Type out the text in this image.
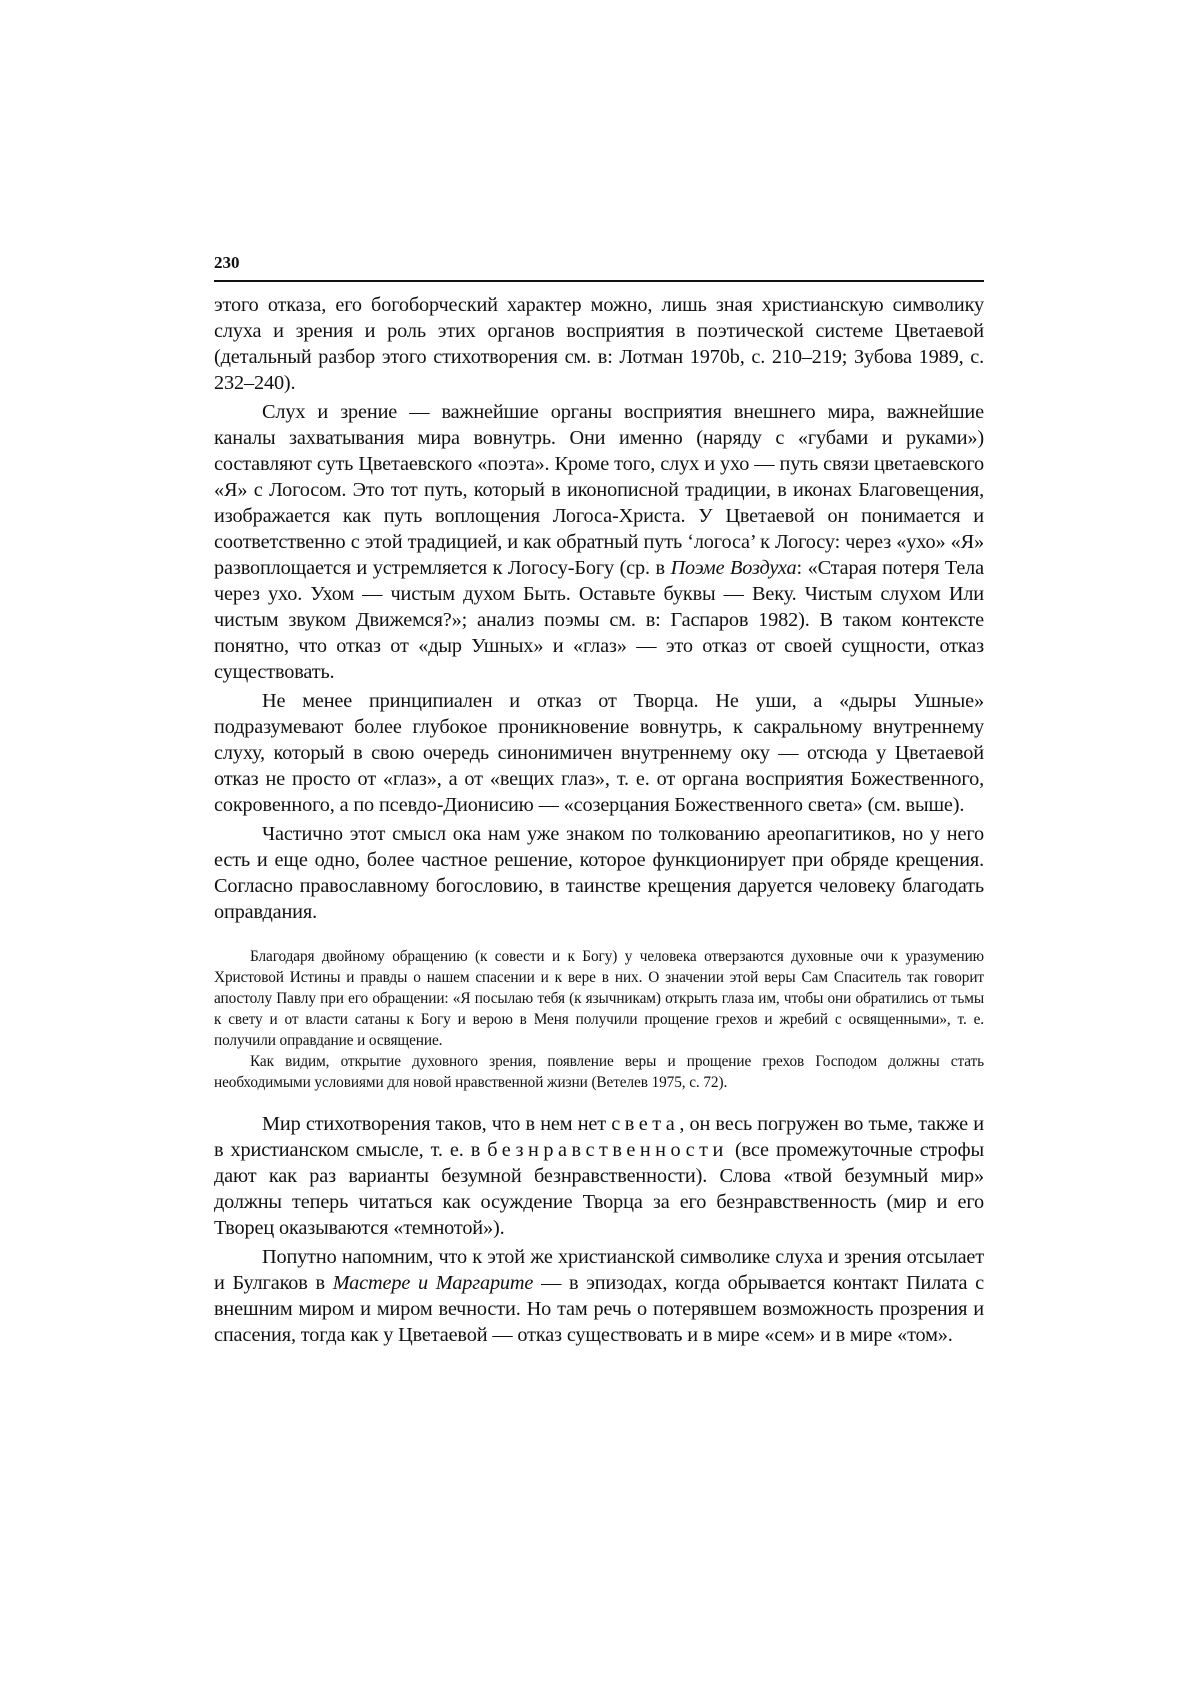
230

этого отказа, его богоборческий характер можно, лишь зная христианскую символику слуха и зрения и роль этих органов восприятия в поэтической системе Цветаевой (детальный разбор этого стихотворения см. в: Лотман 1970b, с. 210–219; Зубова 1989, с. 232–240).

Слух и зрение — важнейшие органы восприятия внешнего мира, важнейшие каналы захватывания мира вовнутрь. Они именно (наряду с «губами и руками») составляют суть Цветаевского «поэта». Кроме того, слух и ухо — путь связи цветаевского «Я» с Логосом. Это тот путь, который в иконописной традиции, в иконах Благовещения, изображается как путь воплощения Логоса-Христа. У Цветаевой он понимается и соответственно с этой традицией, и как обратный путь ‘логоса’ к Логосу: через «ухо» «Я» развоплощается и устремляется к Логосу-Богу (ср. в Поэме Воздуха: «Старая потеря Тела через ухо. Ухом — чистым духом Быть. Оставьте буквы — Веку. Чистым слухом Или чистым звуком Движемся?»; анализ поэмы см. в: Гаспаров 1982). В таком контексте понятно, что отказ от «дыр Ушных» и «глаз» — это отказ от своей сущности, отказ существовать.

Не менее принципиален и отказ от Творца. Не уши, а «дыры Ушные» подразумевают более глубокое проникновение вовнутрь, к сакральному внутреннему слуху, который в свою очередь синонимичен внутреннему оку — отсюда у Цветаевой отказ не просто от «глаз», а от «вещих глаз», т. е. от органа восприятия Божественного, сокровенного, а по псевдо-Дионисию — «созерцания Божественного света» (см. выше).

Частично этот смысл ока нам уже знаком по толкованию ареопагитиков, но у него есть и еще одно, более частное решение, которое функционирует при обряде крещения. Согласно православному богословию, в таинстве крещения даруется человеку благодать оправдания.

Благодаря двойному обращению (к совести и к Богу) у человека отверзаются духовные очи к уразумению Христовой Истины и правды о нашем спасении и к вере в них. О значении этой веры Сам Спаситель так говорит апостолу Павлу при его обращении: «Я посылаю тебя (к язычникам) открыть глаза им, чтобы они обратились от тьмы к свету и от власти сатаны к Богу и верою в Меня получили прощение грехов и жребий с освященными», т. е. получили оправдание и освящение.

Как видим, открытие духовного зрения, появление веры и прощение грехов Господом должны стать необходимыми условиями для новой нравственной жизни (Ветелев 1975, с. 72).

Мир стихотворения таков, что в нем нет света, он весь погружен во тьме, также и в христианском смысле, т. е. в безнравственности (все промежуточные строфы дают как раз варианты безумной безнравственности). Слова «твой безумный мир» должны теперь читаться как осуждение Творца за его безнравственность (мир и его Творец оказываются «темнотой»).

Попутно напомним, что к этой же христианской символике слуха и зрения отсылает и Булгаков в Мастере и Маргарите — в эпизодах, когда обрывается контакт Пилата с внешним миром и миром вечности. Но там речь о потерявшем возможность прозрения и спасения, тогда как у Цветаевой — отказ существовать и в мире «сем» и в мире «том».
